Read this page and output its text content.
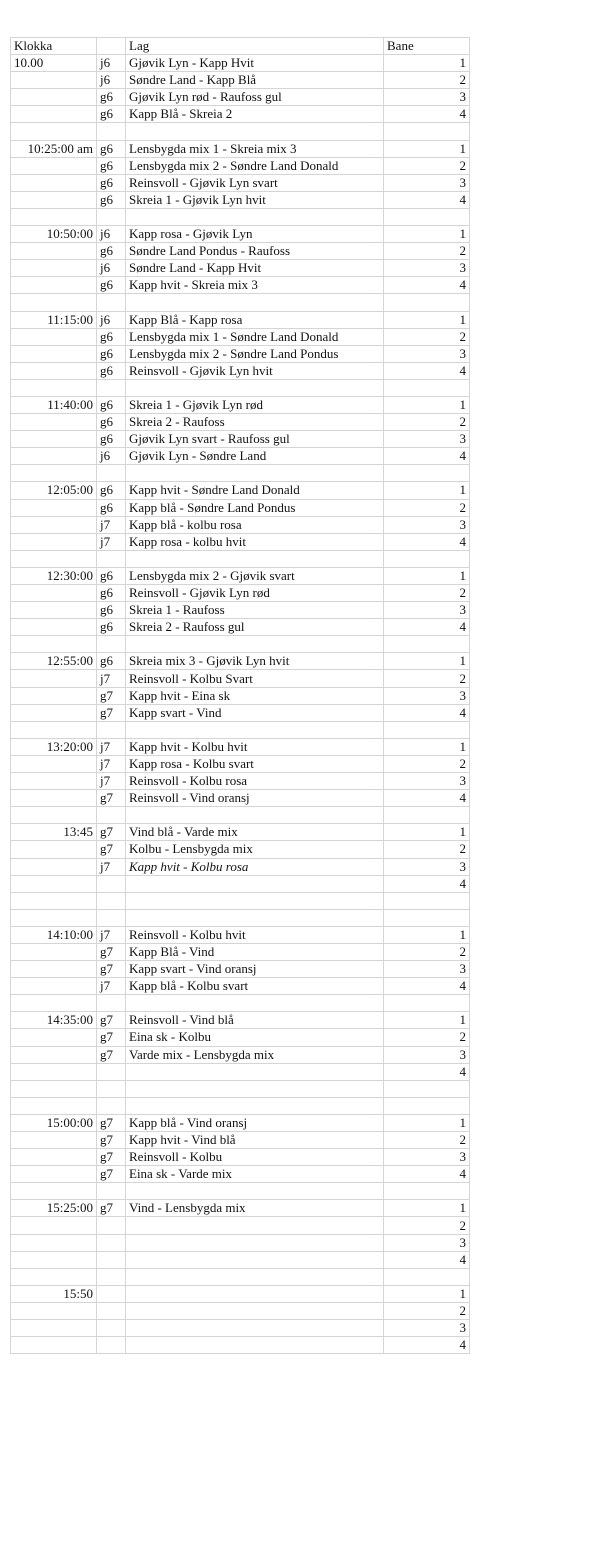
Klokka		Lag	Bane
10.00	j6	Gjøvik Lyn - Kapp Hvit	1
	j6	Søndre Land - Kapp Blå	2
	g6	Gjøvik Lyn rød - Raufoss gul	3
	g6	Kapp Blå - Skreia 2	4

10:25:00 am	g6	Lensbygda mix 1 - Skreia mix 3	1
	g6	Lensbygda mix 2 - Søndre Land Donald	2
	g6	Reinsvoll - Gjøvik Lyn svart	3
	g6	Skreia 1 - Gjøvik Lyn hvit	4

10:50:00	j6	Kapp rosa - Gjøvik Lyn	1
	g6	Søndre Land Pondus - Raufoss	2
	j6	Søndre Land - Kapp Hvit	3
	g6	Kapp hvit - Skreia mix 3	4

11:15:00	j6	Kapp Blå - Kapp rosa	1
	g6	Lensbygda mix 1 - Søndre Land Donald	2
	g6	Lensbygda mix 2 - Søndre Land Pondus	3
	g6	Reinsvoll - Gjøvik Lyn hvit	4

11:40:00	g6	Skreia 1 - Gjøvik Lyn rød	1
	g6	Skreia 2 - Raufoss	2
	g6	Gjøvik Lyn svart - Raufoss gul	3
	j6	Gjøvik Lyn - Søndre Land	4

12:05:00	g6	Kapp hvit - Søndre Land Donald	1
	g6	Kapp blå - Søndre Land Pondus	2
	j7	Kapp blå - kolbu rosa	3
	j7	Kapp rosa - kolbu hvit	4

12:30:00	g6	Lensbygda mix 2 - Gjøvik svart	1
	g6	Reinsvoll - Gjøvik Lyn rød	2
	g6	Skreia 1 - Raufoss	3
	g6	Skreia 2 - Raufoss gul	4

12:55:00	g6	Skreia mix 3 - Gjøvik Lyn hvit	1
	j7	Reinsvoll - Kolbu Svart	2
	g7	Kapp hvit - Eina sk	3
	g7	Kapp svart - Vind	4

13:20:00	j7	Kapp hvit - Kolbu hvit	1
	j7	Kapp rosa - Kolbu svart	2
	j7	Reinsvoll - Kolbu rosa	3
	g7	Reinsvoll - Vind oransj	4

13:45	g7	Vind blå - Varde mix	1
	g7	Kolbu - Lensbygda mix	2
	j7	Kapp hvit - Kolbu rosa	3
			4

14:10:00	j7	Reinsvoll - Kolbu hvit	1
	g7	Kapp Blå - Vind	2
	g7	Kapp svart - Vind oransj	3
	j7	Kapp blå - Kolbu svart	4

14:35:00	g7	Reinsvoll - Vind blå	1
	g7	Eina sk - Kolbu	2
	g7	Varde mix - Lensbygda mix	3
			4

15:00:00	g7	Kapp blå - Vind oransj	1
	g7	Kapp hvit - Vind blå	2
	g7	Reinsvoll - Kolbu	3
	g7	Eina sk - Varde mix	4

15:25:00	g7	Vind - Lensbygda mix	1
			2
			3
			4

15:50			1
			2
			3
			4
